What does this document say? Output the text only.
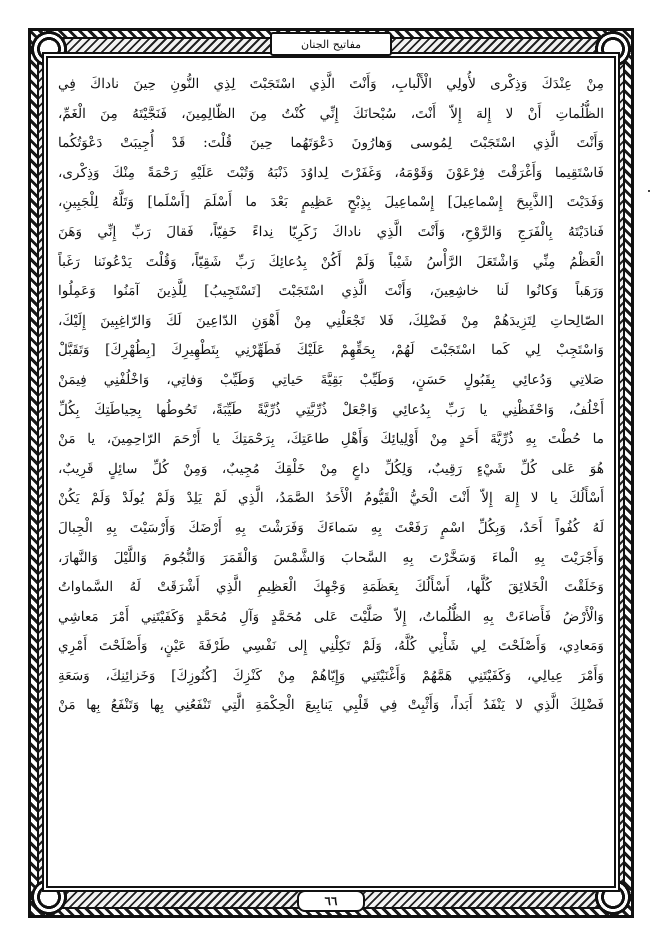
مفاتيح الجنان
مِنْ عِنْدَكَ وَذِكْرى لأُولِي الْأَلْبابِ، وَأَنْتَ الَّذِي اسْتَجَبْتَ لِذِي النُّونِ حِينَ ناداكَ فِي
الظُّلُماتِ أَنْ لا إِلهَ إِلاّ أَنْتَ، سُبْحانَكَ إِنِّي كُنْتُ مِنَ الظّالِمِينَ، فَنَجَّيْتَهُ مِنَ الْغَمِّ،
وَأَنْتَ الَّذِي اسْتَجَبْتَ لِمُوسى وَهارُونَ دَعْوَتَهُما حِينَ قُلْتَ: قَدْ أُجِيبَتْ دَعْوَتُكُما
فَاسْتَقِيما وَأَغْرَقْتَ فِرْعَوْنَ وَقَوْمَهُ، وَغَفَرْتَ لِداوُدَ ذَنْبَهُ وَتُبْتَ عَلَيْهِ رَحْمَةً مِنْكَ وَذِكْرى،
وَفَدَيْتَ [الذَّبِيحَ إِسْماعِيلَ] إِسْماعِيلَ بِذِبْحٍ عَظِيمٍ بَعْدَ ما أَسْلَمَ [أَسْلَما] وَتَلَّهُ لِلْجَبِينِ،
فَنادَيْتَهُ بِالْفَرَجِ وَالرَّوْحِ، وَأَنْتَ الَّذِي ناداكَ زَكَرِيّا نِداءً خَفِيّاً، فَقالَ رَبِّ إِنِّي وَهَنَ
الْعَظْمُ مِنِّي وَاشْتَعَلَ الرَّأْسُ شَيْباً وَلَمْ أَكُنْ بِدُعائِكَ رَبِّ شَقِيّاً، وَقُلْتَ يَدْعُونَنا رَغَباً
وَرَهَباً وَكانُوا لَنا خاشِعِينَ، وَأَنْتَ الَّذِي اسْتَجَبْتَ [تَسْتَجِيبُ] لِلَّذِينَ آمَنُوا وَعَمِلُوا
الصّالِحاتِ لِتَزِيدَهُمْ مِنْ فَضْلِكَ، فَلا تَجْعَلْنِي مِنْ أَهْوَنِ الدّاعِينَ لَكَ وَالرّاغِبِينَ إِلَيْكَ،
وَاسْتَجِبْ لِي كَما اسْتَجَبْتَ لَهُمْ، بِحَقِّهِمْ عَلَيْكَ فَطَهِّرْنِي بِتَطْهِيرِكَ [بِطُهْرِكَ] وَتَقَبَّلْ
صَلاتِي وَدُعائِي بِقَبُولٍ حَسَنٍ، وَطَيِّبْ بَقِيَّةَ حَياتِي وَطَيِّبْ وَفاتِي، وَاخْلُفْنِي فِيمَنْ
أَخْلُفُ، وَاحْفَظْنِي يا رَبِّ بِدُعائِي وَاجْعَلْ ذُرِّيَّتِي ذُرِّيَّةً طَيِّبَةً، تَحُوطُها بِحِياطَتِكَ بِكُلِّ
ما حُطْتَ بِهِ ذُرِّيَّةَ أَحَدٍ مِنْ أَوْلِيائِكَ وَأَهْلِ طاعَتِكَ، بِرَحْمَتِكَ يا أَرْحَمَ الرّاحِمِينَ، يا مَنْ
هُوَ عَلى كُلِّ شَيْءٍ رَقِيبٌ، وَلِكُلِّ داعٍ مِنْ خَلْقِكَ مُجِيبٌ، وَمِنْ كُلِّ سائِلٍ قَرِيبٌ،
أَسْأَلُكَ يا لا إِلهَ إِلاّ أَنْتَ الْحَيُّ الْقَيُّومُ الْأَحَدُ الصَّمَدُ، الَّذِي لَمْ يَلِدْ وَلَمْ يُولَدْ وَلَمْ يَكُنْ
لَهُ كُفُواً أَحَدٌ، وَبِكُلِّ اسْمٍ رَفَعْتَ بِهِ سَماءَكَ وَفَرَشْتَ بِهِ أَرْضَكَ وَأَرْسَيْتَ بِهِ الْجِبالَ
وَأَجْرَيْتَ بِهِ الْماءَ وَسَخَّرْتَ بِهِ السَّحابَ وَالشَّمْسَ وَالْقَمَرَ وَالنُّجُومَ وَاللَّيْلَ وَالنَّهارَ،
وَخَلَقْتَ الْخَلائِقَ كُلَّها، أَسْأَلُكَ بِعَظَمَةِ وَجْهِكَ الْعَظِيمِ الَّذِي أَشْرَقَتْ لَهُ السَّماواتُ
وَالْأَرْضُ فَأَضاءَتْ بِهِ الظُّلُماتُ، إِلاّ صَلَّيْتَ عَلى مُحَمَّدٍ وَآلِ مُحَمَّدٍ وَكَفَيْتَنِي أَمْرَ مَعاشِي
وَمَعادِي، وَأَصْلَحْتَ لِي شَأْنِي كُلَّهُ، وَلَمْ تَكِلْنِي إِلى نَفْسِي طَرْفَةَ عَيْنٍ، وَأَصْلَحْتَ أَمْرِي
وَأَمْرَ عِيالِي، وَكَفَيْتَنِي هَمَّهُمْ وَأَغْنَيْتَنِي وَإِيّاهُمْ مِنْ كَنْزِكَ [كُنُوزِكَ] وَخَزائِنِكَ، وَسَعَةِ
فَضْلِكَ الَّذِي لا يَنْفَدُ أَبَداً، وَأَثْبِتْ فِي قَلْبِي يَنابِيعَ الْحِكْمَةِ الَّتِي تَنْفَعُنِي بِها وَتَنْفَعُ بِها مَنْ
٦٦
